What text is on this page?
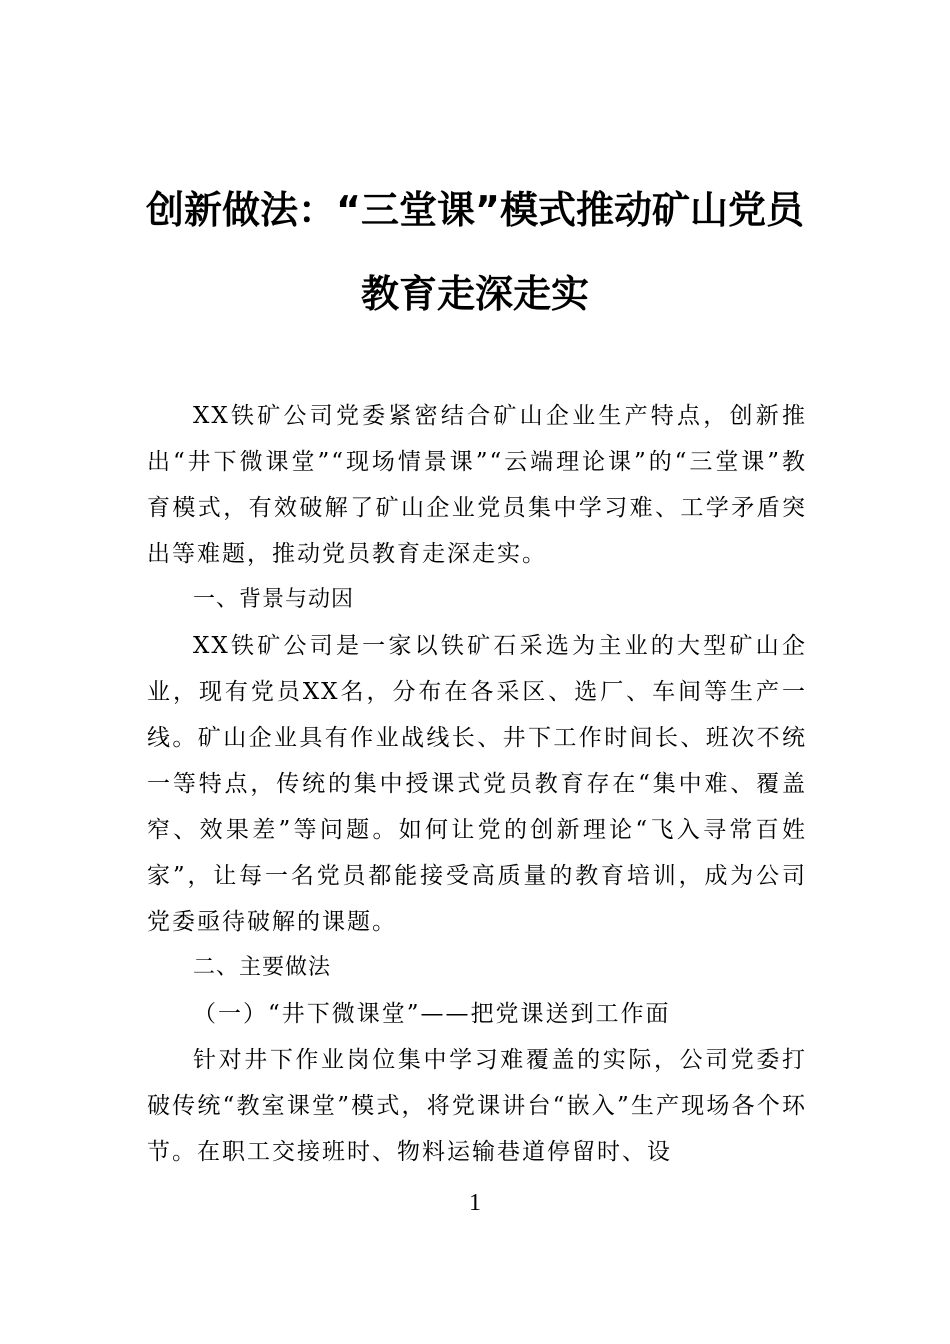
创新做法：“三堂课”模式推动矿山党员
教育走深走实

XX铁矿公司党委紧密结合矿山企业生产特点，创新推出“井下微课堂”“现场情景课”“云端理论课”的“三堂课”教育模式，有效破解了矿山企业党员集中学习难、工学矛盾突出等难题，推动党员教育走深走实。

一、背景与动因

XX铁矿公司是一家以铁矿石采选为主业的大型矿山企业，现有党员XX名，分布在各采区、选厂、车间等生产一线。矿山企业具有作业战线长、井下工作时间长、班次不统一等特点，传统的集中授课式党员教育存在“集中难、覆盖窄、效果差”等问题。如何让党的创新理论“飞入寻常百姓家”，让每一名党员都能接受高质量的教育培训，成为公司党委亟待破解的课题。

二、主要做法

（一）“井下微课堂”——把党课送到工作面

针对井下作业岗位集中学习难覆盖的实际，公司党委打破传统“教室课堂”模式，将党课讲台“嵌入”生产现场各个环节。在职工交接班时、物料运输巷道停留时、设

1
